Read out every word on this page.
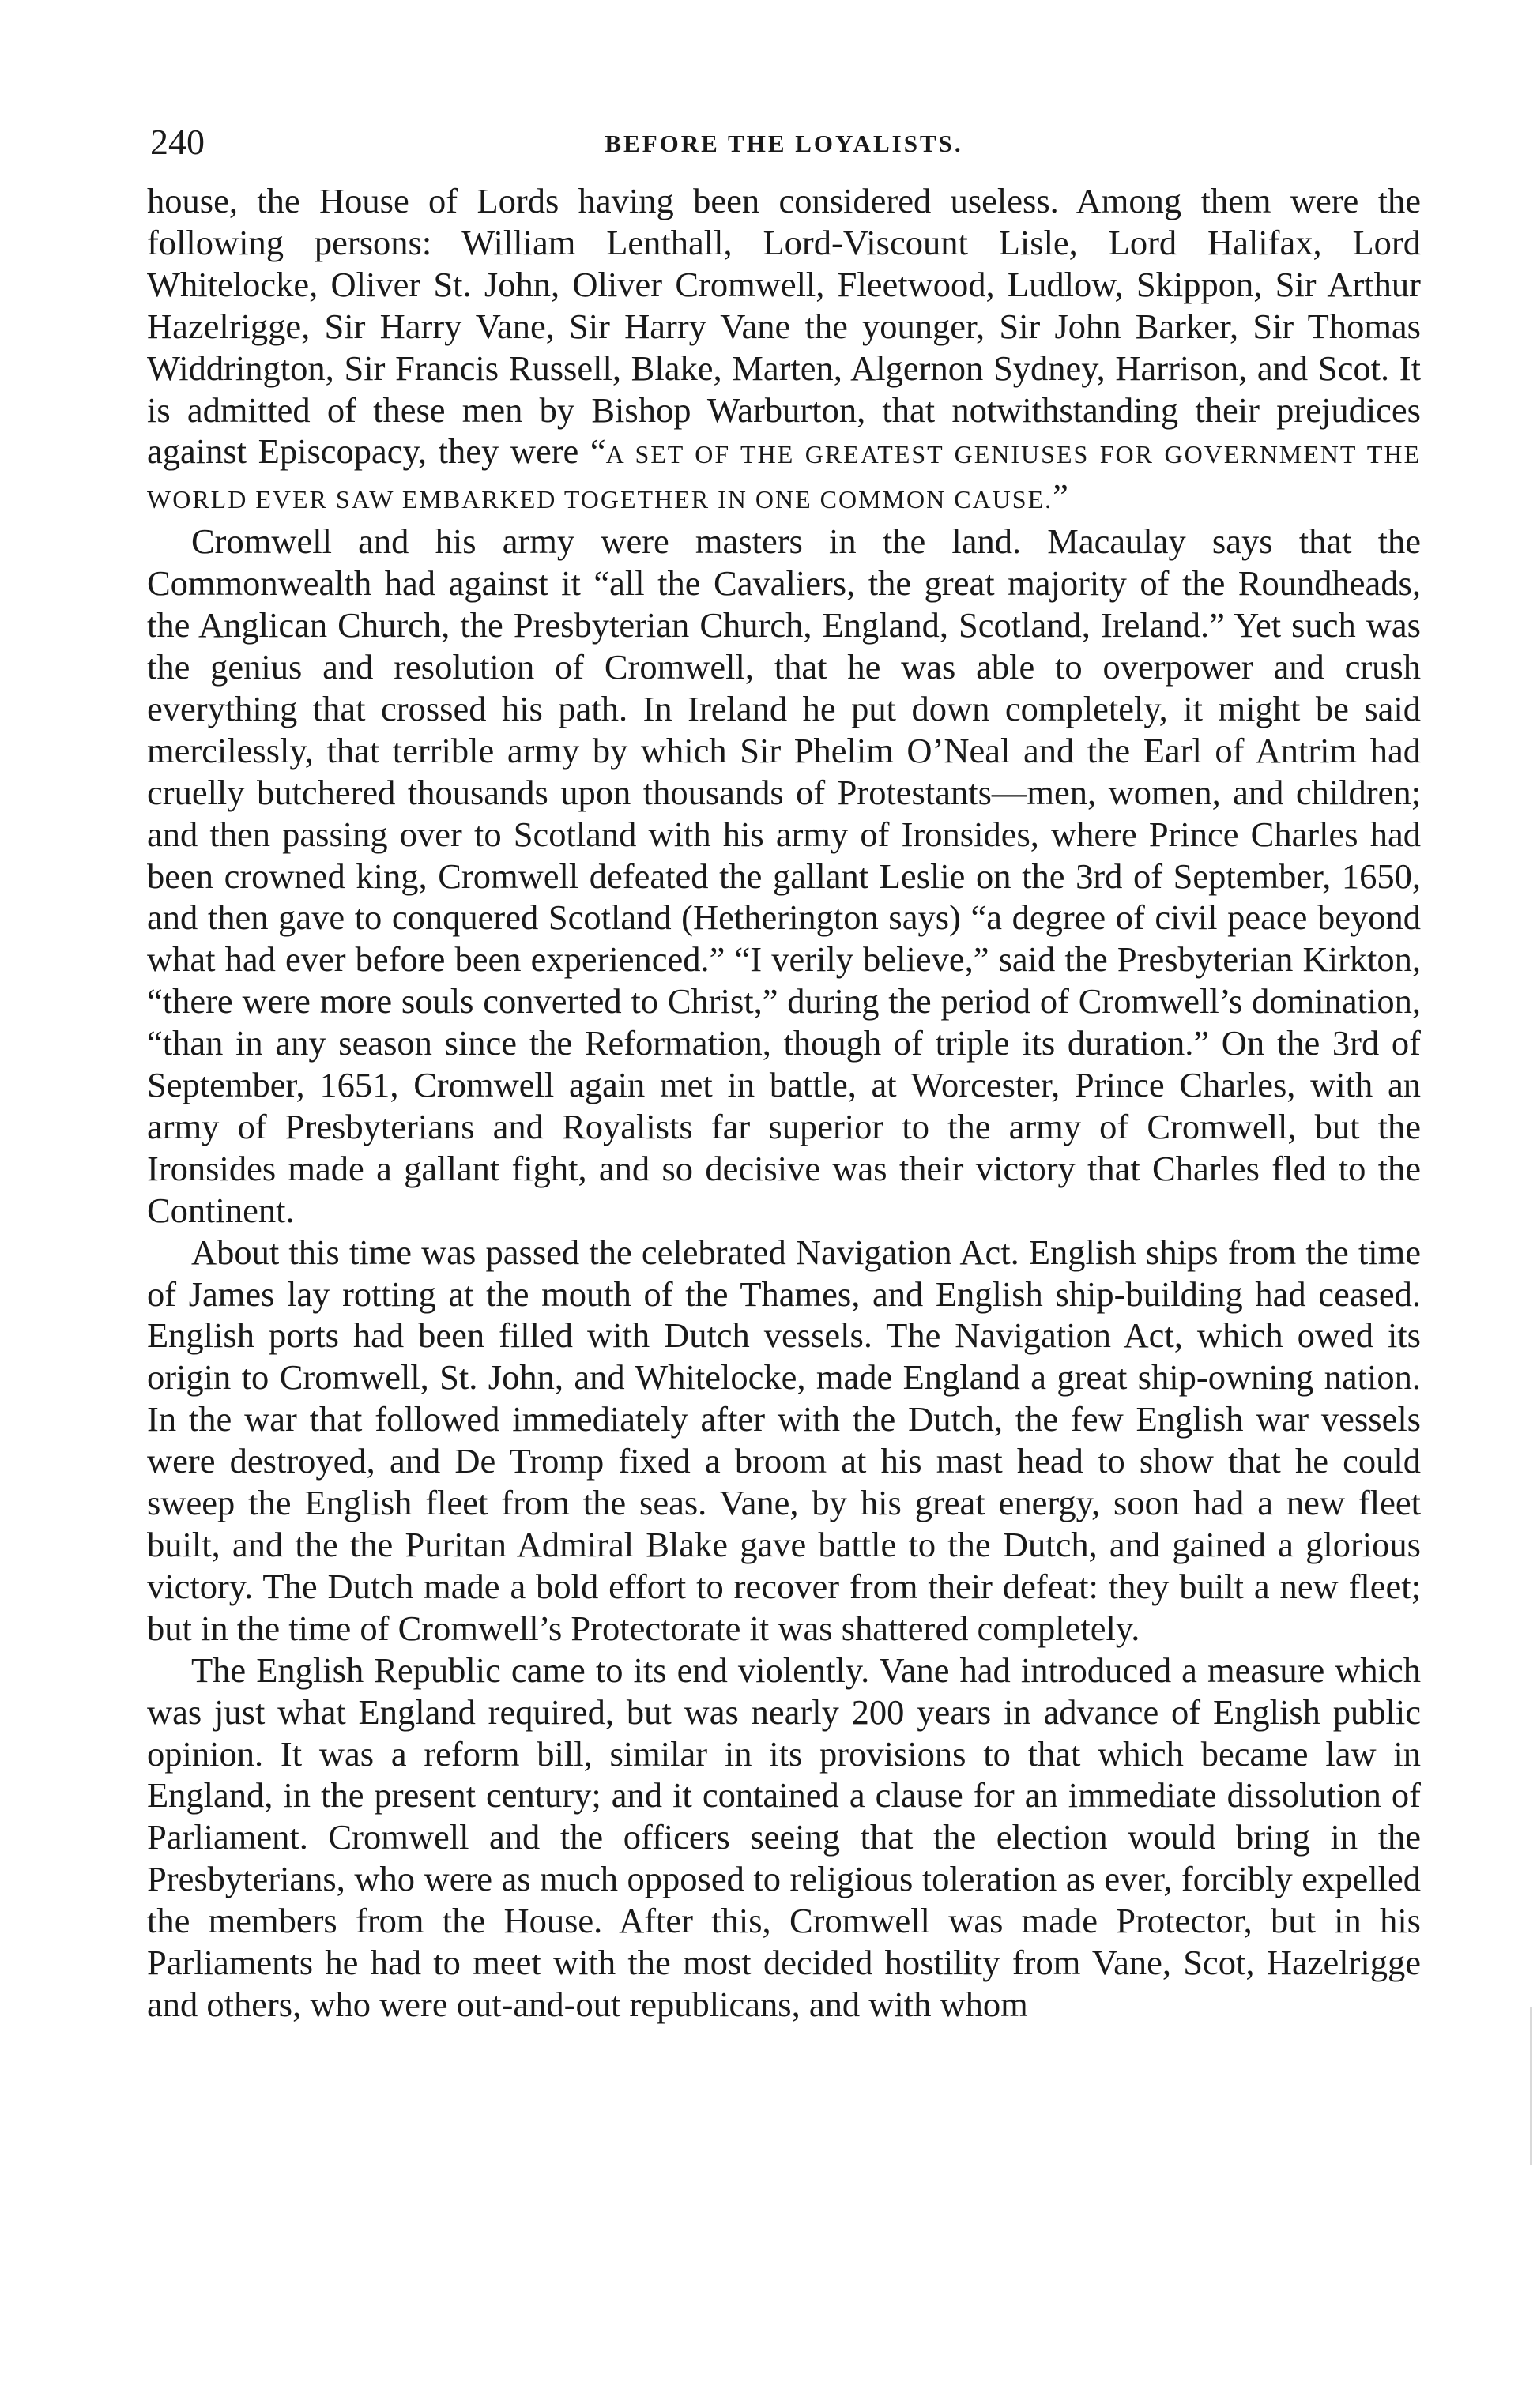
240	BEFORE THE LOYALISTS.

house, the House of Lords having been considered useless. Among them were the following persons: William Lenthall, Lord-Viscount Lisle, Lord Halifax, Lord Whitelocke, Oliver St. John, Oliver Cromwell, Fleetwood, Ludlow, Skippon, Sir Arthur Hazelrigge, Sir Harry Vane, Sir Harry Vane the younger, Sir John Barker, Sir Thomas Widdrington, Sir Francis Russell, Blake, Marten, Algernon Sydney, Harrison, and Scot. It is admitted of these men by Bishop Warburton, that notwithstanding their prejudices against Episcopacy, they were “A SET OF THE GREATEST GENIUSES FOR GOVERNMENT THE WORLD EVER SAW EMBARKED TOGETHER IN ONE COMMON CAUSE.”

Cromwell and his army were masters in the land. Macaulay says that the Commonwealth had against it “all the Cavaliers, the great majority of the Roundheads, the Anglican Church, the Presbyterian Church, England, Scotland, Ireland.” Yet such was the genius and resolution of Cromwell, that he was able to overpower and crush everything that crossed his path. In Ireland he put down completely, it might be said mercilessly, that terrible army by which Sir Phelim O’Neal and the Earl of Antrim had cruelly butchered thousands upon thousands of Protestants—men, women, and children; and then passing over to Scotland with his army of Ironsides, where Prince Charles had been crowned king, Cromwell defeated the gallant Leslie on the 3rd of September, 1650, and then gave to conquered Scotland (Hetherington says) “a degree of civil peace beyond what had ever before been experienced.” “I verily believe,” said the Presbyterian Kirkton, “there were more souls converted to Christ,” during the period of Cromwell’s domination, “than in any season since the Reformation, though of triple its duration.” On the 3rd of September, 1651, Cromwell again met in battle, at Worcester, Prince Charles, with an army of Presbyterians and Royalists far superior to the army of Cromwell, but the Ironsides made a gallant fight, and so decisive was their victory that Charles fled to the Continent.

About this time was passed the celebrated Navigation Act. English ships from the time of James lay rotting at the mouth of the Thames, and English ship-building had ceased. English ports had been filled with Dutch vessels. The Navigation Act, which owed its origin to Cromwell, St. John, and Whitelocke, made England a great ship-owning nation. In the war that followed immediately after with the Dutch, the few English war vessels were destroyed, and De Tromp fixed a broom at his mast head to show that he could sweep the English fleet from the seas. Vane, by his great energy, soon had a new fleet built, and the the Puritan Admiral Blake gave battle to the Dutch, and gained a glorious victory. The Dutch made a bold effort to recover from their defeat: they built a new fleet; but in the time of Cromwell’s Protectorate it was shattered completely.

The English Republic came to its end violently. Vane had introduced a measure which was just what England required, but was nearly 200 years in advance of English public opinion. It was a reform bill, similar in its provisions to that which became law in England, in the present century; and it contained a clause for an immediate dissolution of Parliament. Cromwell and the officers seeing that the election would bring in the Presbyterians, who were as much opposed to religious toleration as ever, forcibly expelled the members from the House. After this, Cromwell was made Protector, but in his Parliaments he had to meet with the most decided hostility from Vane, Scot, Hazelrigge and others, who were out-and-out republicans, and with whom
